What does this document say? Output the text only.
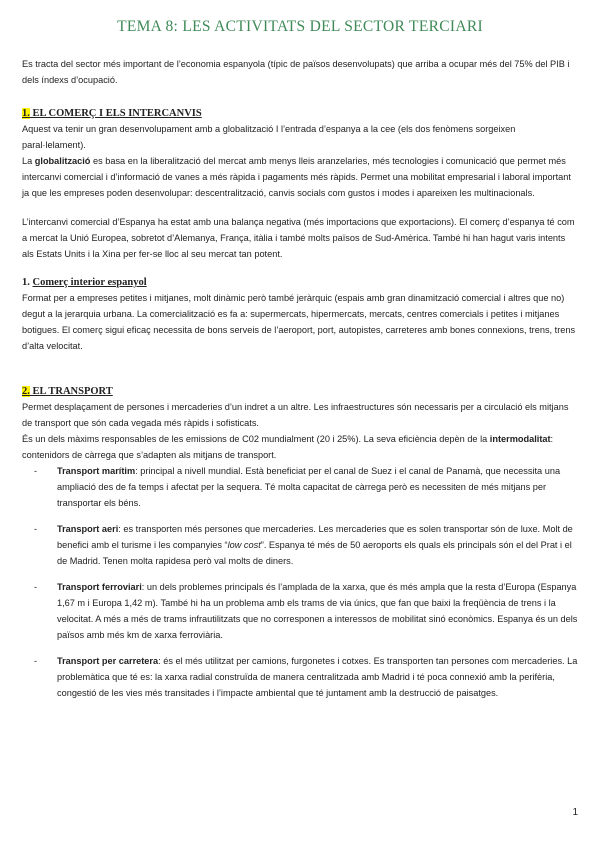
TEMA 8: LES ACTIVITATS DEL SECTOR TERCIARI

Es tracta del sector més important de l’economia espanyola (típic de països desenvolupats) que arriba a ocupar més del 75% del PIB i dels índexs d’ocupació.

1. EL COMERÇ I ELS INTERCANVIS

Aquest va tenir un gran desenvolupament amb a globalització I l’entrada d’espanya a la cee (els dos fenòmens sorgeixen paral·lelament).

La globalització es basa en la liberalització del mercat amb menys lleis aranzelaries, més tecnologies i comunicació que permet més intercanvi comercial i d’informació de vanes a més ràpida i pagaments més ràpids. Permet una mobilitat empresarial i laboral important ja que les empreses poden desenvolupar: descentralització, canvis socials com gustos i modes i apareixen les multinacionals.

L’intercanvi comercial d’Espanya ha estat amb una balança negativa (més importacions que exportacions). El comerç d’espanya té com a mercat la Unió Europea, sobretot d’Alemanya, França, itàlia i també molts països de Sud-Amèrica. També hi han hagut varis intents als Estats Units i la Xina per fer-se lloc al seu mercat tan potent.

1. Comerç interior espanyol

Format per a empreses petites i mitjanes, molt dinàmic però també jeràrquic (espais amb gran dinamització comercial i altres que no) degut a la jerarquia urbana. La comercialització es fa a: supermercats, hipermercats, mercats, centres comercials i petites i mitjanes botigues. El comerç sigui eficaç necessita de bons serveis de l’aeroport, port, autopistes, carreteres amb bones connexions, trens, trens d’alta velocitat.

2. EL TRANSPORT

Permet desplaçament de persones i mercaderies d’un indret a un altre. Les infraestructures són necessaris per a circulació els mitjans de transport que són cada vegada més ràpids i sofisticats.

És un dels màxims responsables de les emissions de C02 mundialment (20 i 25%). La seva eficiència depèn de la intermodalitat: contenidors de càrrega que s’adapten als mitjans de transport.

- Transport marítim: principal a nivell mundial. Està beneficiat per el canal de Suez i el canal de Panamà, que necessita una ampliació des de fa temps i afectat per la sequera. Té molta capacitat de càrrega però es necessiten de més mitjans per transportar els béns.
- Transport aeri: es transporten més persones que mercaderies. Les mercaderies que es solen transportar són de luxe. Molt de benefici amb el turisme i les companyies “low cost”. Espanya té més de 50 aeroports els quals els principals són el del Prat i el de Madrid. Tenen molta rapidesa però val molts de diners.
- Transport ferroviari: un dels problemes principals és l’amplada de la xarxa, que és més ampla que la resta d’Europa (Espanya 1,67 m i Europa 1,42 m). També hi ha un problema amb els trams de via únics, que fan que baixi la freqüència de trens i la velocitat. A més a més de trams infrautilitzats que no corresponen a interessos de mobilitat sinó econòmics. Espanya és un dels països amb més km de xarxa ferroviària.
- Transport per carretera: és el més utilitzat per camions, furgonetes i cotxes. Es transporten tan persones com mercaderies. La problemàtica que té es: la xarxa radial construïda de manera centralitzada amb Madrid i té poca connexió amb la perifèria, congestió de les vies més transitades i l’impacte ambiental que té juntament amb la destrucció de paisatges.
1
